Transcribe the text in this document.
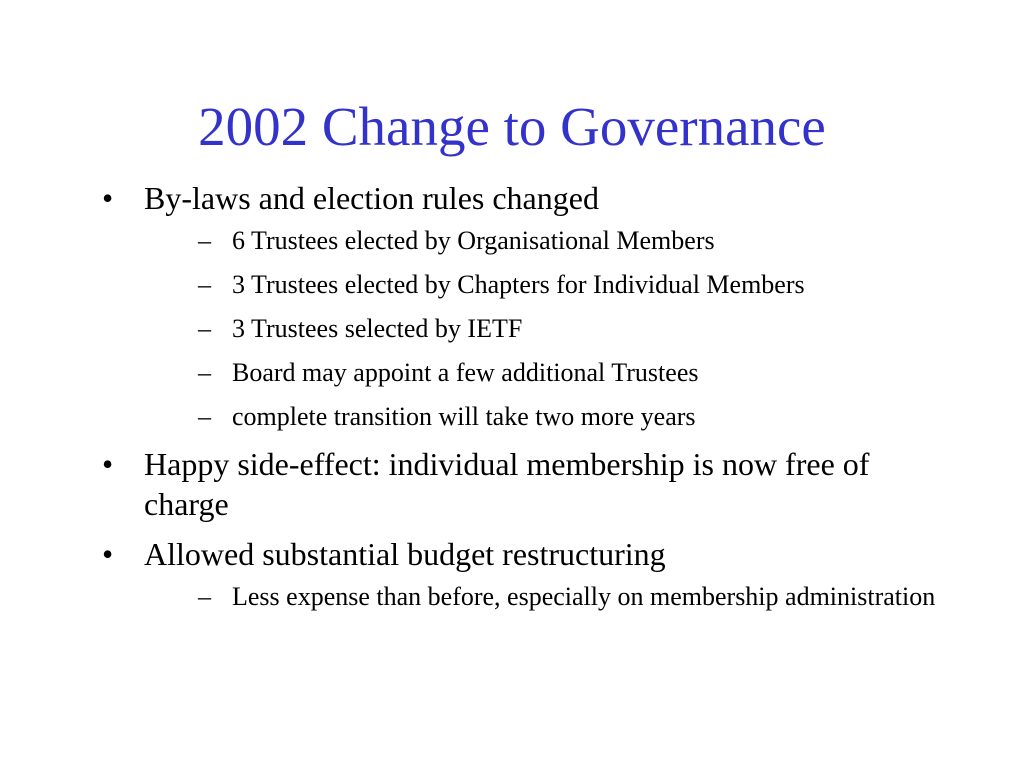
2002 Change to Governance
• By-laws and election rules changed
– 6 Trustees elected by Organisational Members
– 3 Trustees elected by Chapters for Individual Members
– 3 Trustees selected by IETF
– Board may appoint a few additional Trustees
– complete transition will take two more years
• Happy side-effect: individual membership is now free of charge
• Allowed substantial budget restructuring
– Less expense than before, especially on membership administration
